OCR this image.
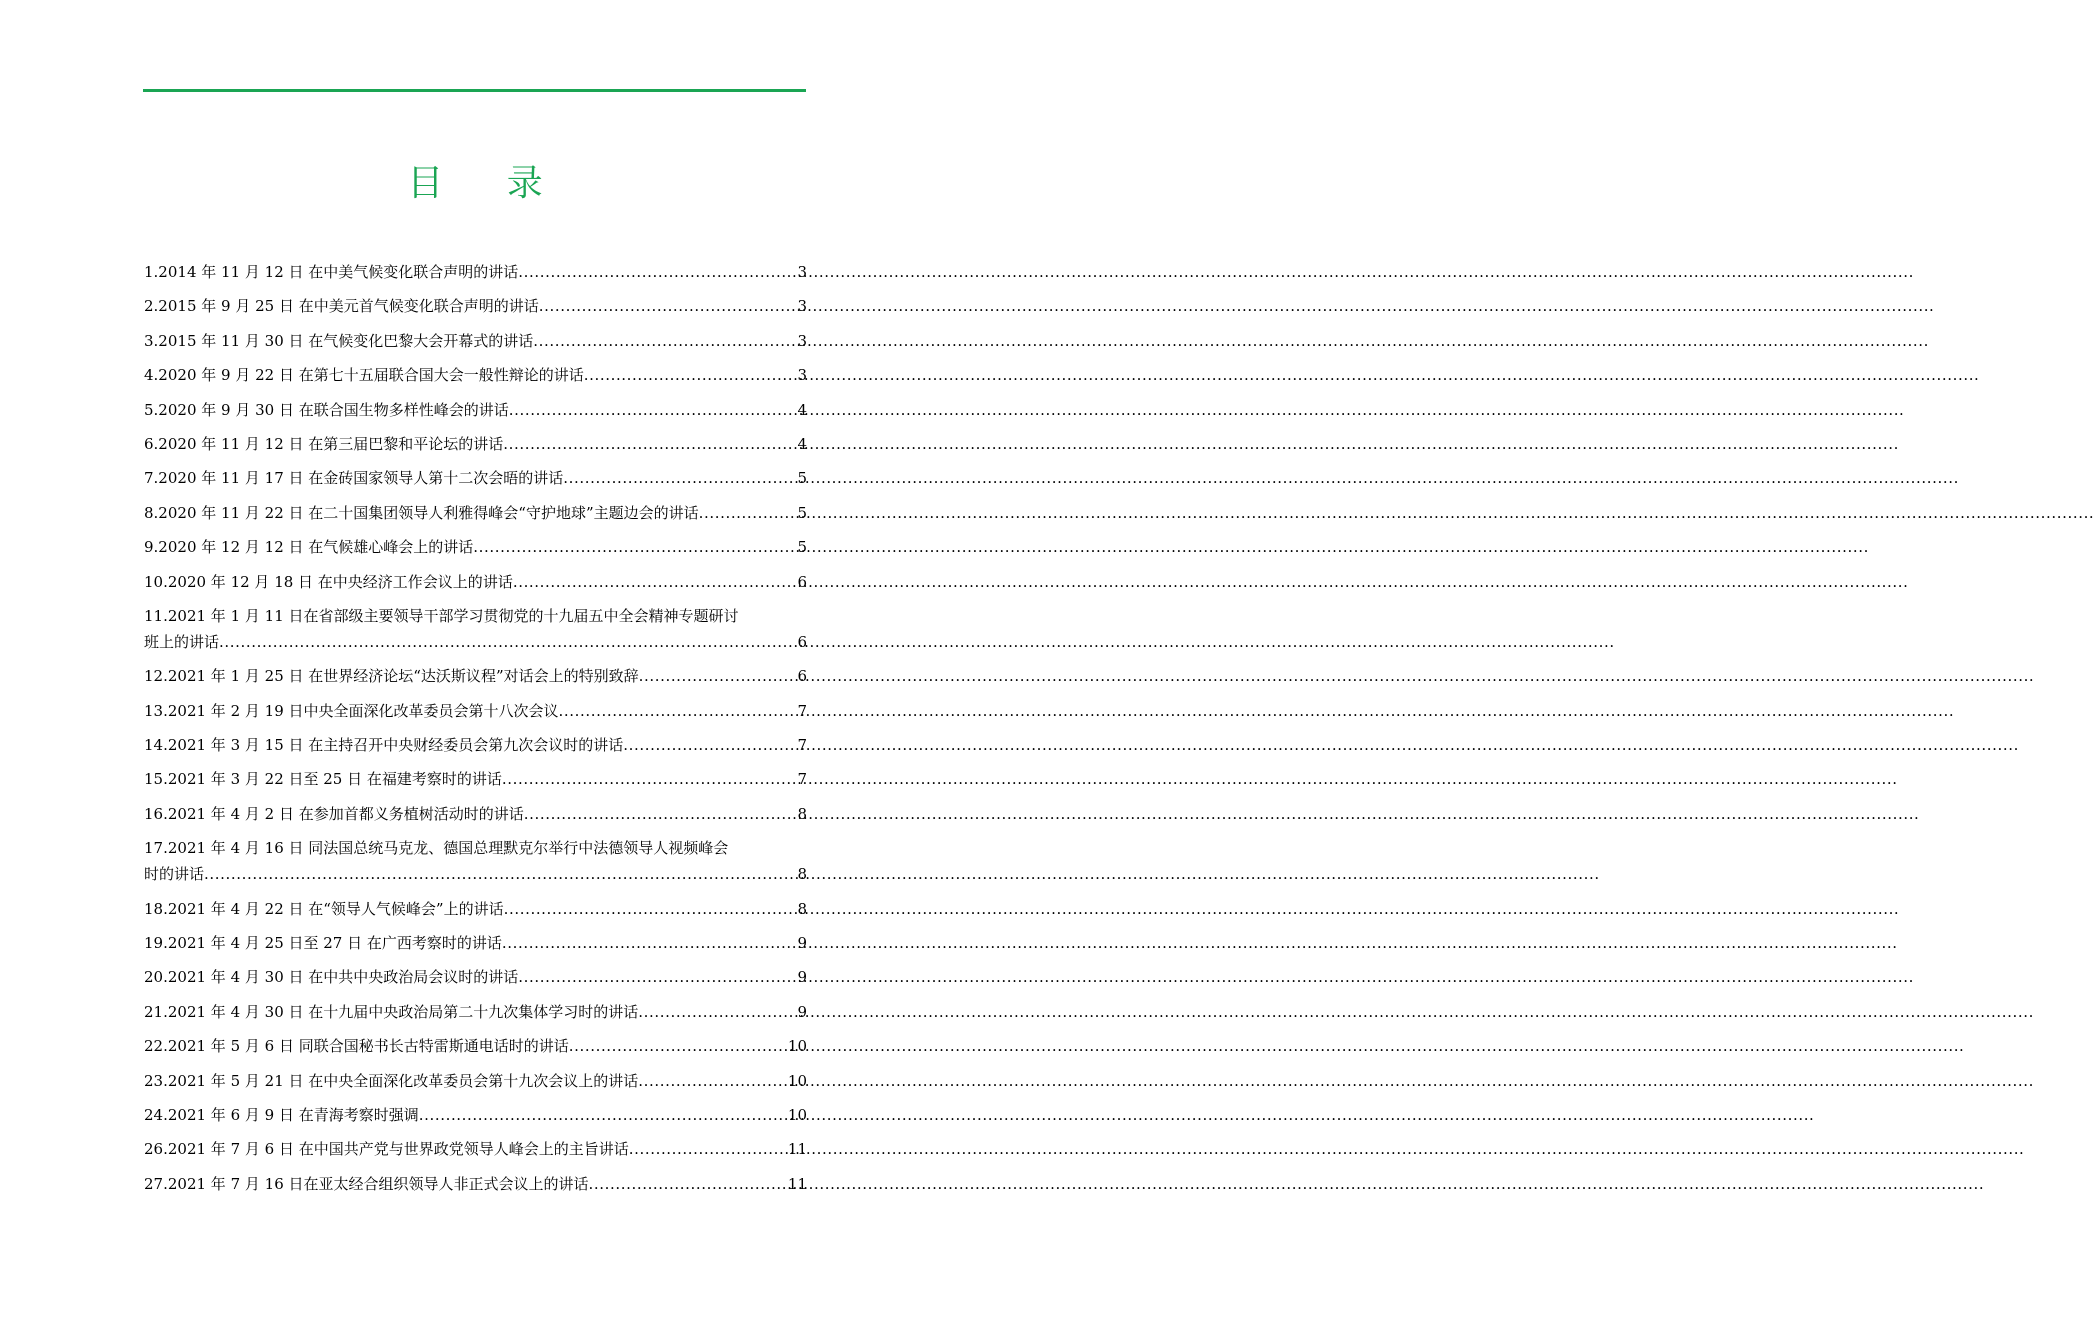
目 录
1.2014 年 11 月 12 日 在中美气候变化联合声明的讲话 .....	3
2.2015 年 9 月 25 日 在中美元首气候变化联合声明的讲话 .....	3
3.2015 年 11 月 30 日 在气候变化巴黎大会开幕式的讲话 .....	3
4.2020 年 9 月 22 日 在第七十五届联合国大会一般性辩论的讲话 .....	3
5.2020 年 9 月 30 日 在联合国生物多样性峰会的讲话 .....	4
6.2020 年 11 月 12 日 在第三届巴黎和平论坛的讲话 .....	4
7.2020 年 11 月 17 日 在金砖国家领导人第十二次会晤的讲话 .....	5
8.2020 年 11 月 22 日 在二十国集团领导人利雅得峰会“守护地球”主题边会的讲话 .....	5
9.2020 年 12 月 12 日 在气候雄心峰会上的讲话 .....	5
10.2020 年 12 月 18 日 在中央经济工作会议上的讲话 .....	6
11.2021 年 1 月 11 日在省部级主要领导干部学习贯彻党的十九届五中全会精神专题研讨
班上的讲话 .....	6
12.2021 年 1 月 25 日 在世界经济论坛“达沃斯议程”对话会上的特别致辞 .....	6
13.2021 年 2 月 19 日中央全面深化改革委员会第十八次会议 .....	7
14.2021 年 3 月 15 日 在主持召开中央财经委员会第九次会议时的讲话 .....	7
15.2021 年 3 月 22 日至 25 日 在福建考察时的讲话 .....	7
16.2021 年 4 月 2 日 在参加首都义务植树活动时的讲话 .....	8
17.2021 年 4 月 16 日 同法国总统马克龙、德国总理默克尔举行中法德领导人视频峰会
时的讲话 .....	8
18.2021 年 4 月 22 日 在“领导人气候峰会”上的讲话 .....	8
19.2021 年 4 月 25 日至 27 日 在广西考察时的讲话 .....	9
20.2021 年 4 月 30 日 在中共中央政治局会议时的讲话 .....	9
21.2021 年 4 月 30 日 在十九届中央政治局第二十九次集体学习时的讲话 .....	9
22.2021 年 5 月 6 日 同联合国秘书长古特雷斯通电话时的讲话 .....	10
23.2021 年 5 月 21 日 在中央全面深化改革委员会第十九次会议上的讲话 .....	10
24.2021 年 6 月 9 日 在青海考察时强调 .....	10
26.2021 年 7 月 6 日 在中国共产党与世界政党领导人峰会上的主旨讲话 .....	11
27.2021 年 7 月 16 日在亚太经合组织领导人非正式会议上的讲话 .....	11
